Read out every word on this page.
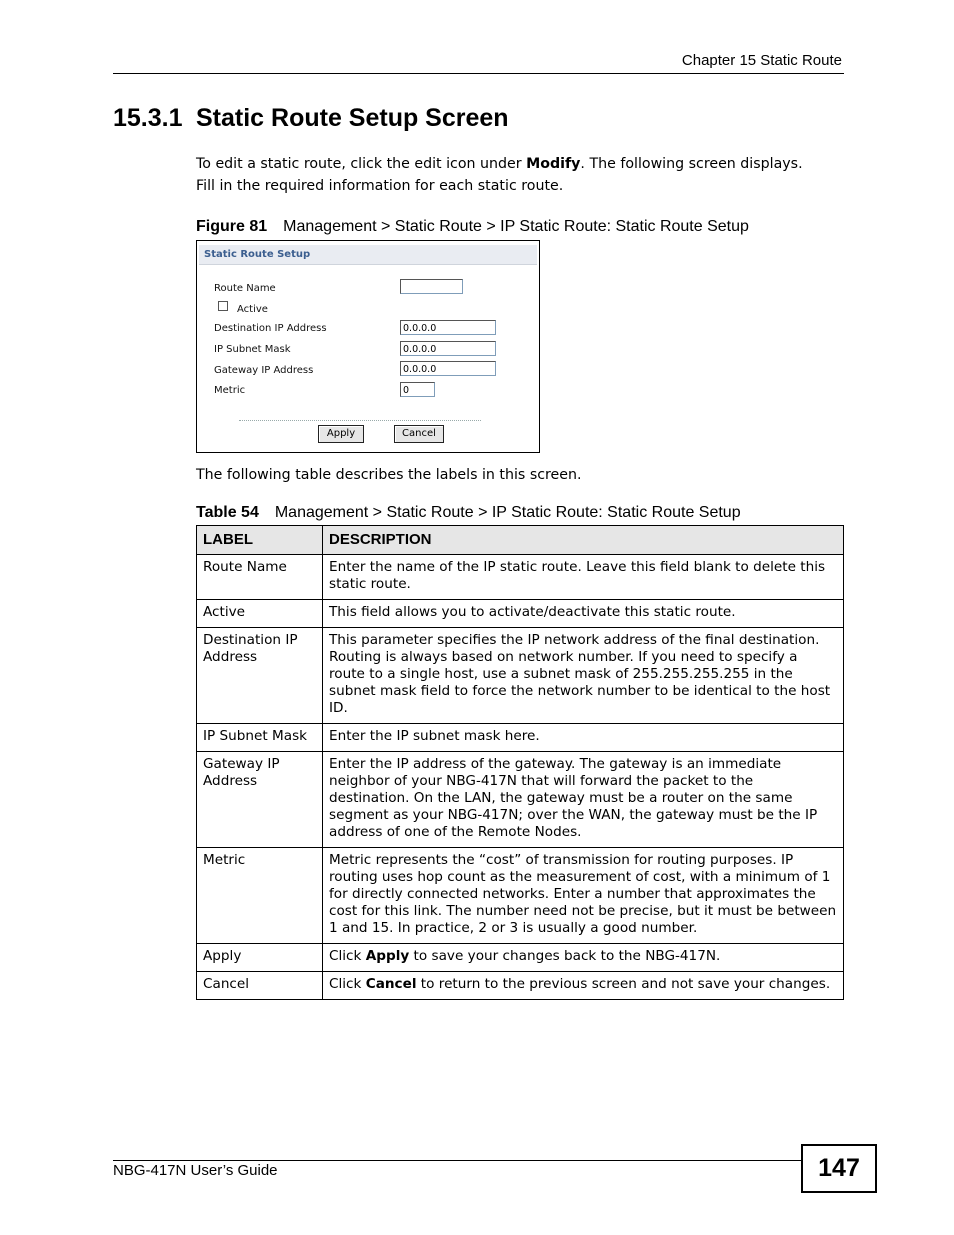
Chapter 15 Static Route
15.3.1 Static Route Setup Screen
To edit a static route, click the edit icon under Modify. The following screen displays. Fill in the required information for each static route.
Figure 81 Management > Static Route > IP Static Route: Static Route Setup
Static Route Setup
Route Name
Active
Destination IP Address	0.0.0.0
IP Subnet Mask	0.0.0.0
Gateway IP Address	0.0.0.0
Metric	0
Apply	Cancel
The following table describes the labels in this screen.
Table 54 Management > Static Route > IP Static Route: Static Route Setup
LABEL	DESCRIPTION
Route Name	Enter the name of the IP static route. Leave this field blank to delete this static route.
Active	This field allows you to activate/deactivate this static route.
Destination IP Address	This parameter specifies the IP network address of the final destination. Routing is always based on network number. If you need to specify a route to a single host, use a subnet mask of 255.255.255.255 in the subnet mask field to force the network number to be identical to the host ID.
IP Subnet Mask	Enter the IP subnet mask here.
Gateway IP Address	Enter the IP address of the gateway. The gateway is an immediate neighbor of your NBG-417N that will forward the packet to the destination. On the LAN, the gateway must be a router on the same segment as your NBG-417N; over the WAN, the gateway must be the IP address of one of the Remote Nodes.
Metric	Metric represents the “cost” of transmission for routing purposes. IP routing uses hop count as the measurement of cost, with a minimum of 1 for directly connected networks. Enter a number that approximates the cost for this link. The number need not be precise, but it must be between 1 and 15. In practice, 2 or 3 is usually a good number.
Apply	Click Apply to save your changes back to the NBG-417N.
Cancel	Click Cancel to return to the previous screen and not save your changes.
NBG-417N User’s Guide	147
